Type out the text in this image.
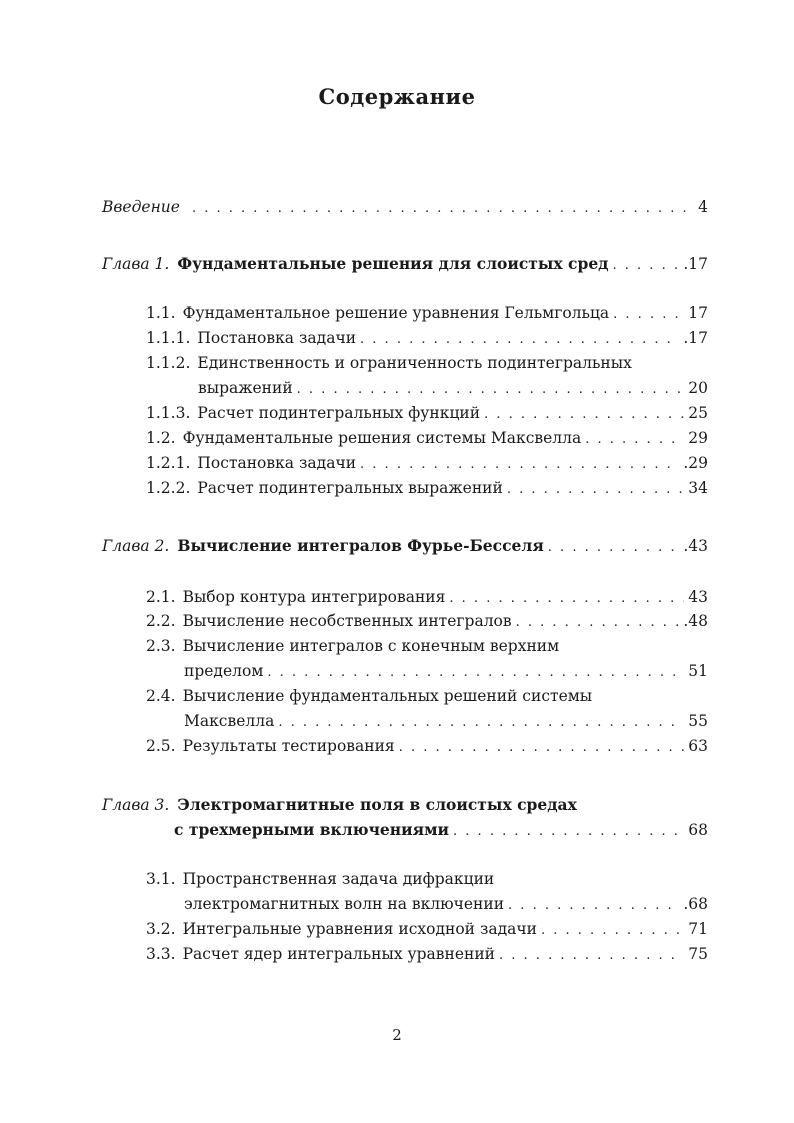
Содержание
Введение . . .	4
Глава 1. Фундаментальные решения для слоистых сред . . .	.17
1.1. Фундаментальное решение уравнения Гельмгольца . . .	17
1.1.1. Постановка задачи . . .	.17
1.1.2. Единственность и ограниченность подинтегральных
выражений . . .	20
1.1.3. Расчет подинтегральных функций . . .	25
1.2. Фундаментальные решения системы Максвелла . . .	29
1.2.1. Постановка задачи . . .	.29
1.2.2. Расчет подинтегральных выражений . . .	34
Глава 2. Вычисление интегралов Фурье-Бесселя . . .	.43
2.1. Выбор контура интегрирования . . .	43
2.2. Вычисление несобственных интегралов . . .	.48
2.3. Вычисление интегралов с конечным верхним
пределом . . .	51
2.4. Вычисление фундаментальных решений системы
Максвелла . . .	55
2.5. Результаты тестирования . . .	63
Глава 3. Электромагнитные поля в слоистых средах
с трехмерными включениями . . .	68
3.1. Пространственная задача дифракции
электромагнитных волн на включении . . .	.68
3.2. Интегральные уравнения исходной задачи . . .	71
3.3. Расчет ядер интегральных уравнений . . .	75
2
